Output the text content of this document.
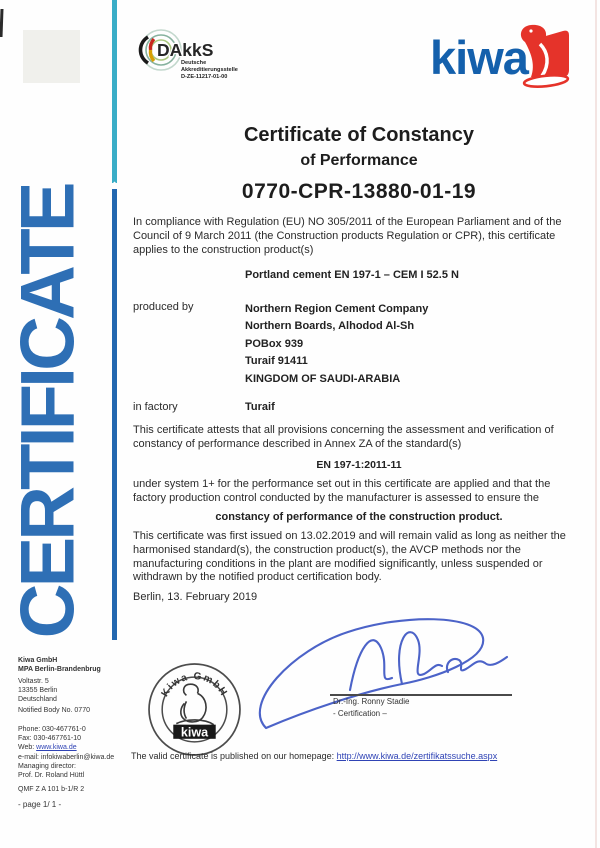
CERTIFICATE
DAkkS
Deutsche
Akkreditierungsstelle
D-ZE-11217-01-00	kiwa
Certificate of Constancy
of Performance
0770-CPR-13880-01-19
In compliance with Regulation (EU) NO 305/2011 of the European Parliament and of the Council of 9 March 2011 (the Construction products Regulation or CPR), this certificate applies to the construction product(s)
Portland cement EN 197-1 – CEM I 52.5 N
produced by	Northern Region Cement Company
Northern Boards, Alhodod Al-Sh
POBox 939
Turaif 91411
KINGDOM OF SAUDI-ARABIA
in factory	Turaif
This certificate attests that all provisions concerning the assessment and verification of constancy of performance described in Annex ZA of the standard(s)
EN 197-1:2011-11
under system 1+ for the performance set out in this certificate are applied and that the factory production control conducted by the manufacturer is assessed to ensure the
constancy of performance of the construction product.
This certificate was first issued on 13.02.2019 and will remain valid as long as neither the harmonised standard(s), the construction product(s), the AVCP methods nor the manufacturing conditions in the plant are modified significantly, unless suspended or withdrawn by the notified product certification body.
Berlin, 13. February 2019
Kiwa GmbH
MPA Berlin-Brandenbrug
Voltastr. 5
13355 Berlin
Deutschland
Notified Body No. 0770
Phone: 030-467761-0
Fax: 030-467761-10
Web: www.kiwa.de
e-mail: infokiwaberlin@kiwa.de
Managing director:
Prof. Dr. Roland Hüttl
QMF Z A 101 b-1/R 2
- page 1/ 1 -
Kiwa GmbH
kiwa
Dr.-Ing. Ronny Stadie
- Certification –
The valid certificate is published on our homepage: http://www.kiwa.de/zertifikatssuche.aspx
